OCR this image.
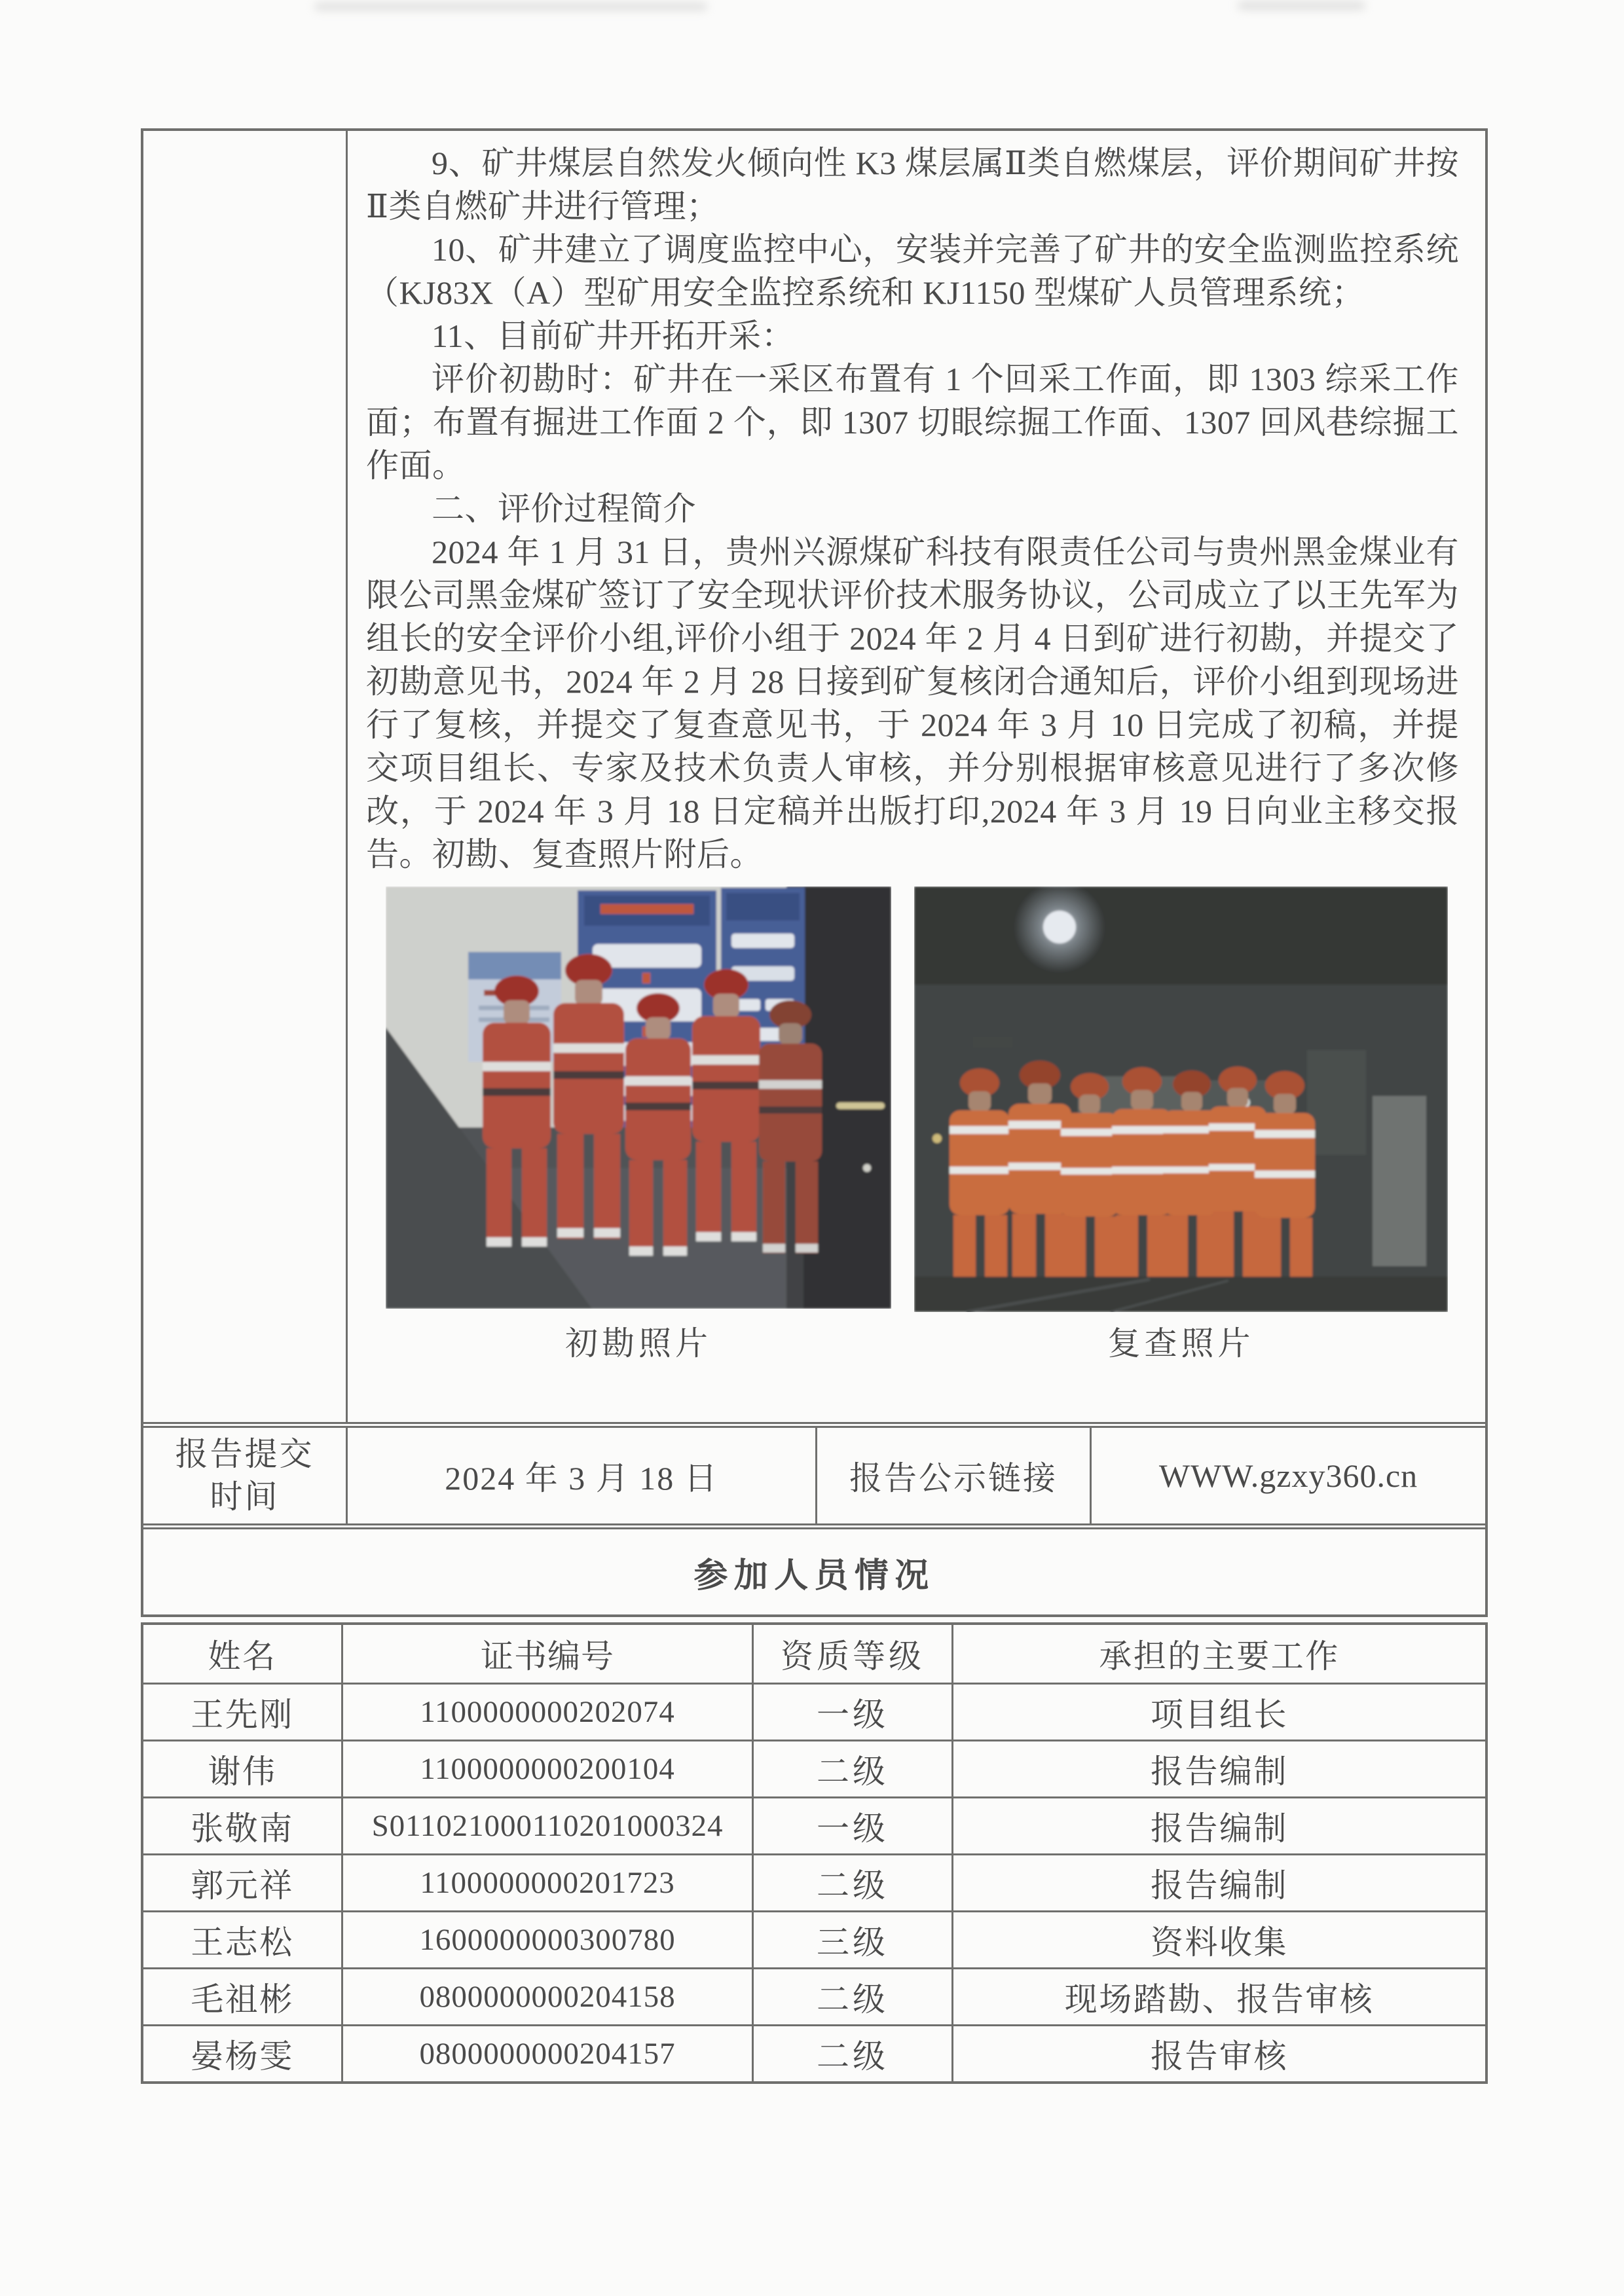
9、矿井煤层自然发火倾向性 K3 煤层属Ⅱ类自燃煤层，评价期间矿井按Ⅱ类自燃矿井进行管理；

10、矿井建立了调度监控中心，安装并完善了矿井的安全监测监控系统（KJ83X（A）型矿用安全监控系统和 KJ1150 型煤矿人员管理系统；

11、目前矿井开拓开采：

评价初勘时：矿井在一采区布置有 1 个回采工作面，即 1303 综采工作面；布置有掘进工作面 2 个，即 1307 切眼综掘工作面、1307 回风巷综掘工作面。

二、评价过程简介

2024 年 1 月 31 日，贵州兴源煤矿科技有限责任公司与贵州黑金煤业有限公司黑金煤矿签订了安全现状评价技术服务协议，公司成立了以王先军为组长的安全评价小组,评价小组于 2024 年 2 月 4 日到矿进行初勘，并提交了初勘意见书，2024 年 2 月 28 日接到矿复核闭合通知后，评价小组到现场进行了复核，并提交了复查意见书，于 2024 年 3 月 10 日完成了初稿，并提交项目组长、专家及技术负责人审核，并分别根据审核意见进行了多次修改，于 2024 年 3 月 18 日定稿并出版打印,2024 年 3 月 19 日向业主移交报告。初勘、复查照片附后。

初勘照片	复查照片
报告提交时间	2024 年 3 月 18 日	报告公示链接	WWW.gzxy360.cn
参加人员情况
姓名	证书编号	资质等级	承担的主要工作
王先刚	1100000000202074	一级	项目组长
谢伟	1100000000200104	二级	报告编制
张敬南	S011021000110201000324	一级	报告编制
郭元祥	1100000000201723	二级	报告编制
王志松	1600000000300780	三级	资料收集
毛祖彬	0800000000204158	二级	现场踏勘、报告审核
晏杨雯	0800000000204157	二级	报告审核
